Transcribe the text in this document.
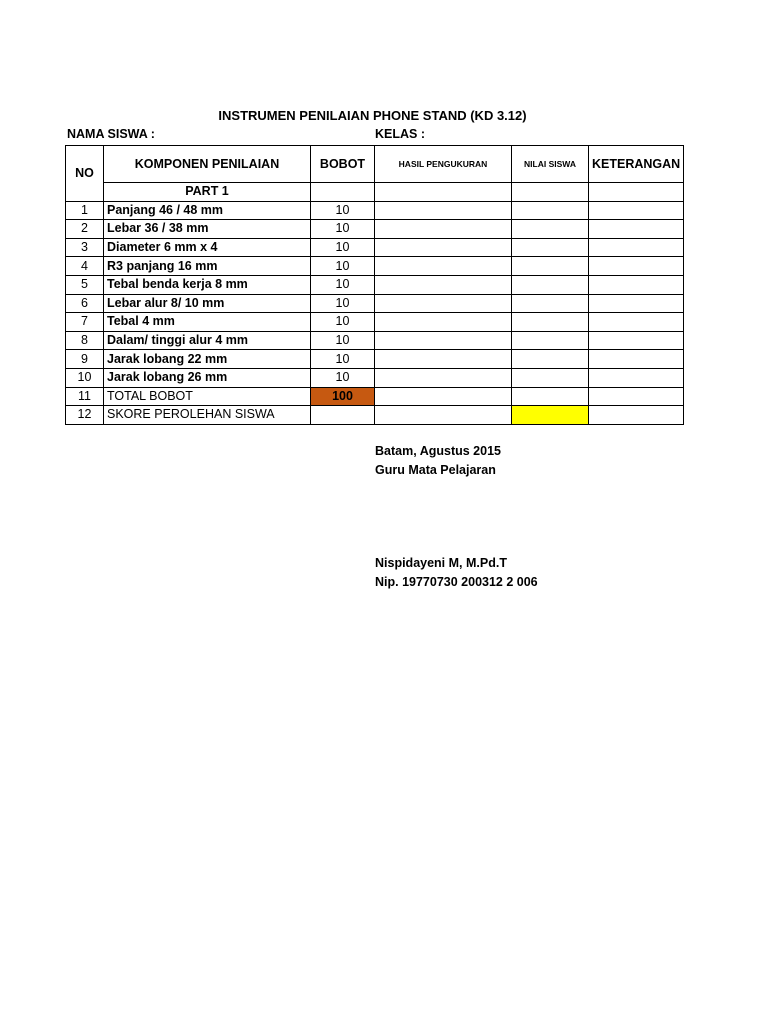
INSTRUMEN PENILAIAN PHONE STAND (KD 3.12)
NAMA SISWA :	KELAS :
NO	KOMPONEN PENILAIAN	BOBOT	HASIL PENGUKURAN	NILAI SISWA	KETERANGAN
	PART 1				
1	Panjang 46 / 48 mm	10			
2	Lebar 36 / 38 mm	10			
3	Diameter 6 mm x 4	10			
4	R3 panjang 16 mm	10			
5	Tebal benda kerja 8 mm	10			
6	Lebar alur 8/ 10 mm	10			
7	Tebal 4 mm	10			
8	Dalam/ tinggi alur 4 mm	10			
9	Jarak lobang 22 mm	10			
10	Jarak lobang 26 mm	10			
11	TOTAL BOBOT	100			
12	SKORE PEROLEHAN SISWA				
Batam, Agustus 2015
Guru Mata Pelajaran
Nispidayeni M, M.Pd.T
Nip. 19770730 200312 2 006
